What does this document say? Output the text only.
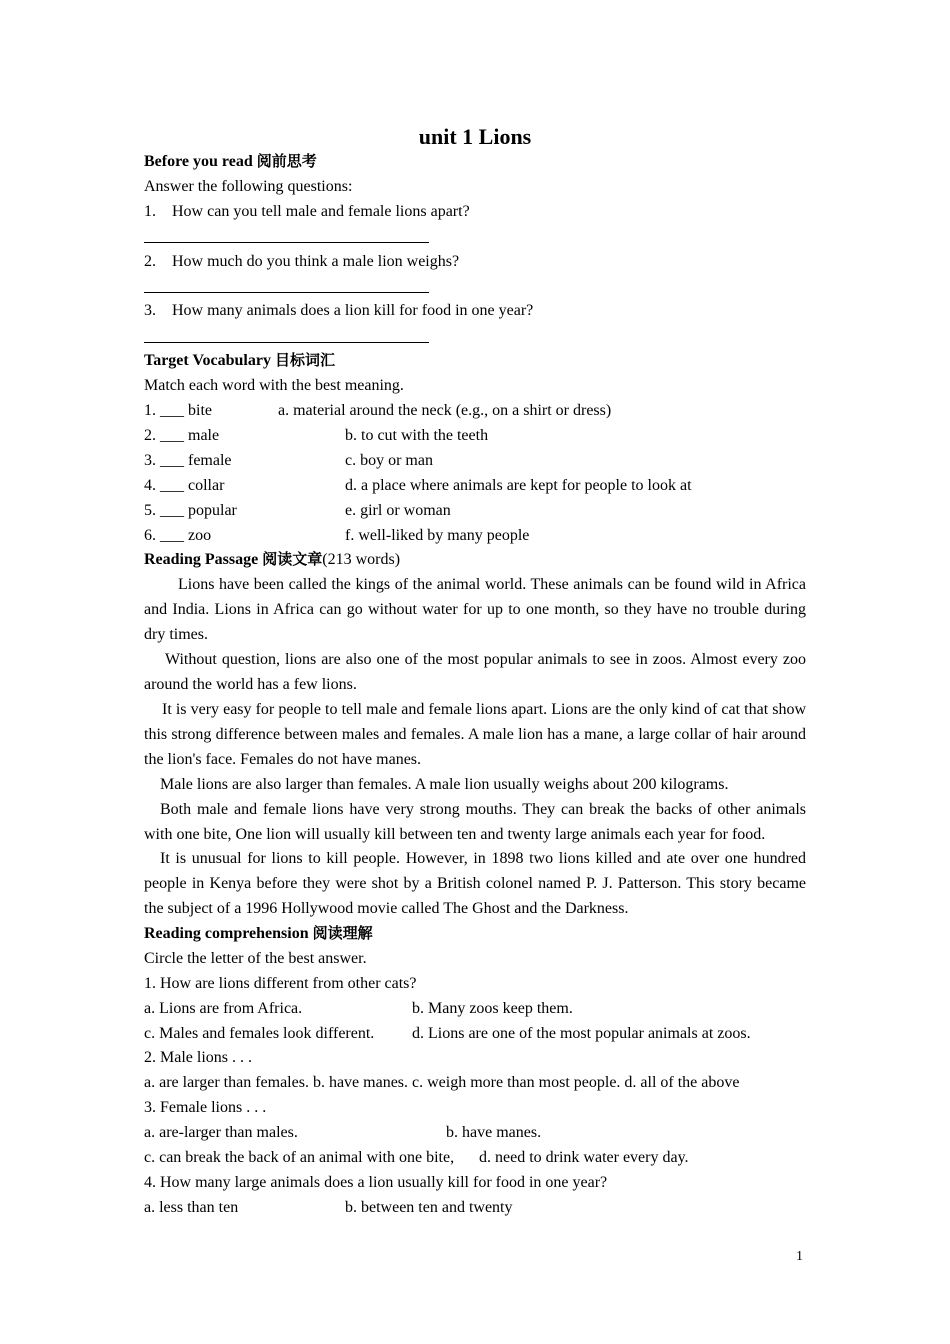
unit 1 Lions
Before you read 阅前思考
Answer the following questions:
1. How can you tell male and female lions apart?
2. How much do you think a male lion weighs?
3. How many animals does a lion kill for food in one year?
Target Vocabulary 目标词汇
Match each word with the best meaning.
1. ___ bite	a. material around the neck (e.g., on a shirt or dress)
2. ___ male	b. to cut with the teeth
3. ___ female	c. boy or man
4. ___ collar	d. a place where animals are kept for people to look at
5. ___ popular	e. girl or woman
6. ___ zoo	f. well-liked by many people
Reading Passage 阅读文章(213 words)
Lions have been called the kings of the animal world. These animals can be found wild in Africa and India. Lions in Africa can go without water for up to one month, so they have no trouble during dry times.
Without question, lions are also one of the most popular animals to see in zoos. Almost every zoo around the world has a few lions.
It is very easy for people to tell male and female lions apart. Lions are the only kind of cat that show this strong difference between males and females. A male lion has a mane, a large collar of hair around the lion's face. Females do not have manes.
Male lions are also larger than females. A male lion usually weighs about 200 kilograms.
Both male and female lions have very strong mouths. They can break the backs of other animals with one bite, One lion will usually kill between ten and twenty large animals each year for food.
It is unusual for lions to kill people. However, in 1898 two lions killed and ate over one hundred people in Kenya before they were shot by a British colonel named P. J. Patterson. This story became the subject of a 1996 Hollywood movie called The Ghost and the Darkness.
Reading comprehension 阅读理解
Circle the letter of the best answer.
1. How are lions different from other cats?
a. Lions are from Africa.	b. Many zoos keep them.
c. Males and females look different. d. Lions are one of the most popular animals at zoos.
2. Male lions . . .
a. are larger than females. b. have manes. c. weigh more than most people. d. all of the above
3. Female lions . . .
a. are-larger than males.	b. have manes.
c. can break the back of an animal with one bite, d. need to drink water every day.
4. How many large animals does a lion usually kill for food in one year?
a. less than ten	b. between ten and twenty
1
